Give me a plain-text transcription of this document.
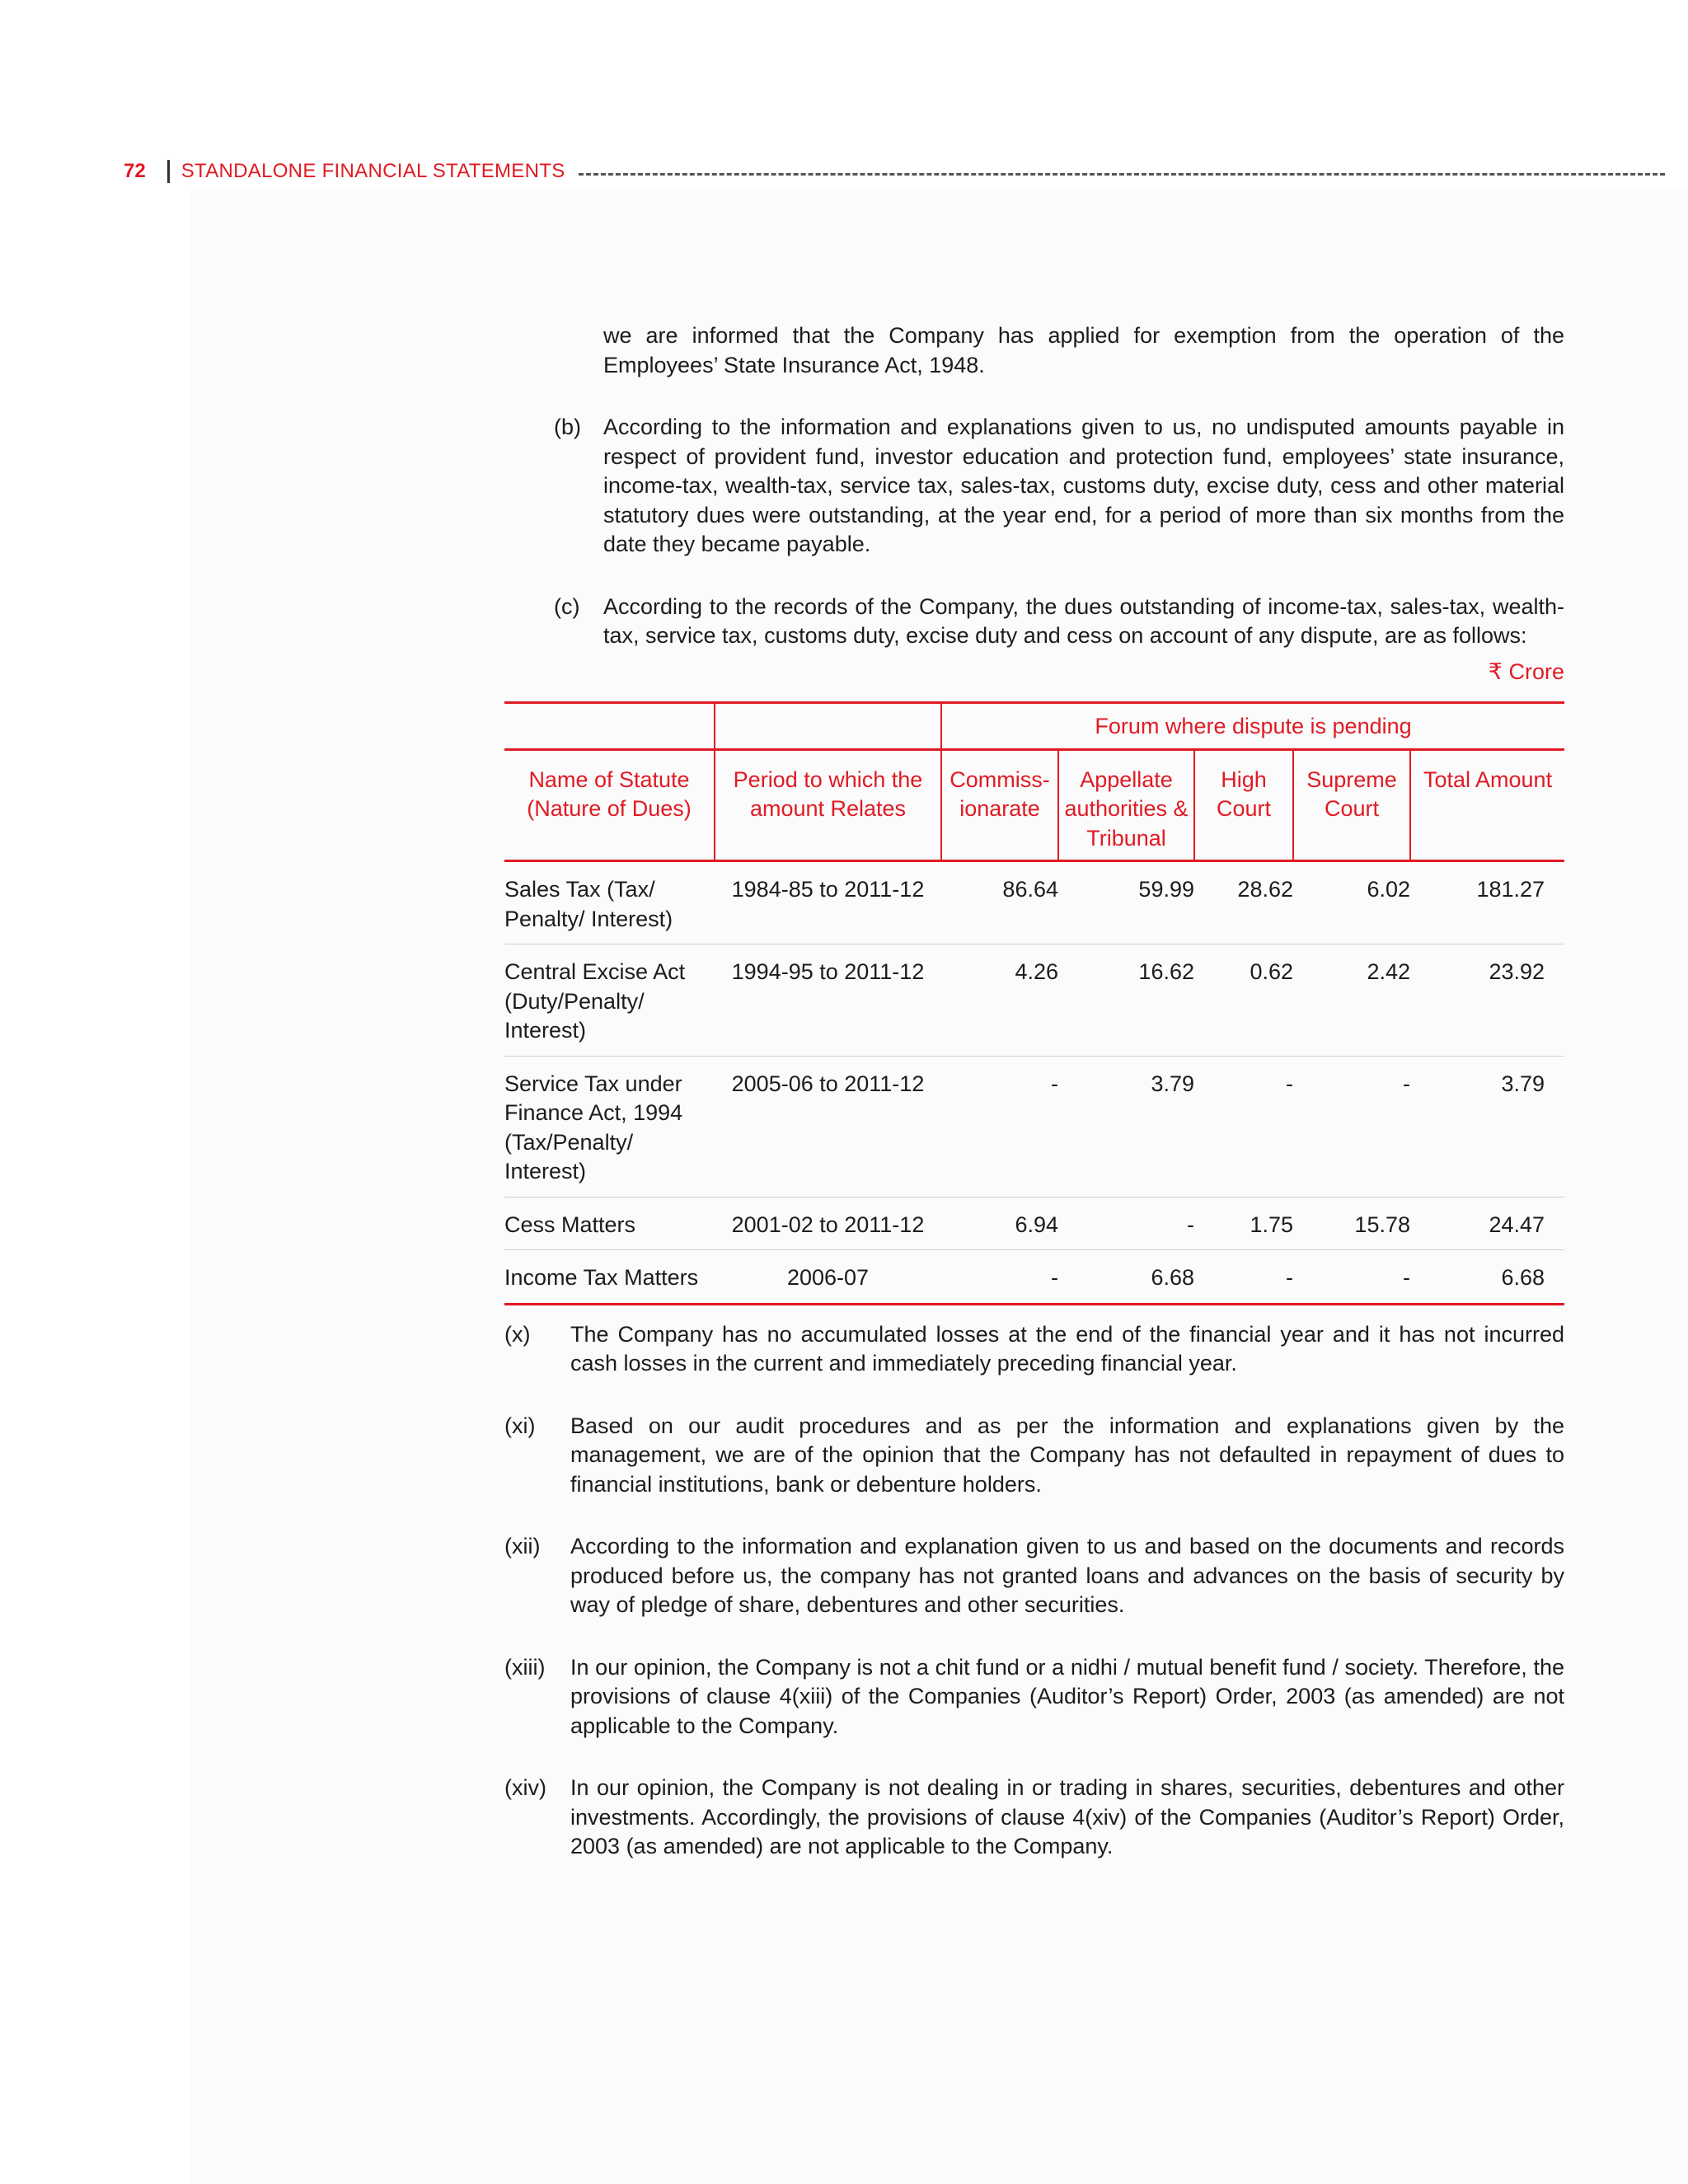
72 STANDALONE FINANCIAL STATEMENTS
we are informed that the Company has applied for exemption from the operation of the Employees’ State Insurance Act, 1948.
(b)	According to the information and explanations given to us, no undisputed amounts payable in respect of provident fund, investor education and protection fund, employees’ state insurance, income-tax, wealth-tax, service tax, sales-tax, customs duty, excise duty, cess and other material statutory dues were outstanding, at the year end, for a period of more than six months from the date they became payable.
(c)	According to the records of the Company, the dues outstanding of income-tax, sales-tax, wealth-tax, service tax, customs duty, excise duty and cess on account of any dispute, are as follows:
₹ Crore
		Forum where dispute is pending				
Name of Statute (Nature of Dues)	Period to which the amount Relates	Commiss-ionarate	Appellate authorities & Tribunal	High Court	Supreme Court	Total Amount
Sales Tax (Tax/ Penalty/ Interest)	1984-85 to 2011-12	86.64	59.99	28.62	6.02	181.27
Central Excise Act (Duty/Penalty/ Interest)	1994-95 to 2011-12	4.26	16.62	0.62	2.42	23.92
Service Tax under Finance Act, 1994 (Tax/Penalty/ Interest)	2005-06 to 2011-12	-	3.79	-	-	3.79
Cess Matters	2001-02 to 2011-12	6.94	-	1.75	15.78	24.47
Income Tax Matters	2006-07	-	6.68	-	-	6.68
(x)	The Company has no accumulated losses at the end of the financial year and it has not incurred cash losses in the current and immediately preceding financial year.
(xi)	Based on our audit procedures and as per the information and explanations given by the management, we are of the opinion that the Company has not defaulted in repayment of dues to financial institutions, bank or debenture holders.
(xii)	According to the information and explanation given to us and based on the documents and records produced before us, the company has not granted loans and advances on the basis of security by way of pledge of share, debentures and other securities.
(xiii)	In our opinion, the Company is not a chit fund or a nidhi / mutual benefit fund / society. Therefore, the provisions of clause 4(xiii) of the Companies (Auditor’s Report) Order, 2003 (as amended) are not applicable to the Company.
(xiv)	In our opinion, the Company is not dealing in or trading in shares, securities, debentures and other investments. Accordingly, the provisions of clause 4(xiv) of the Companies (Auditor’s Report) Order, 2003 (as amended) are not applicable to the Company.
